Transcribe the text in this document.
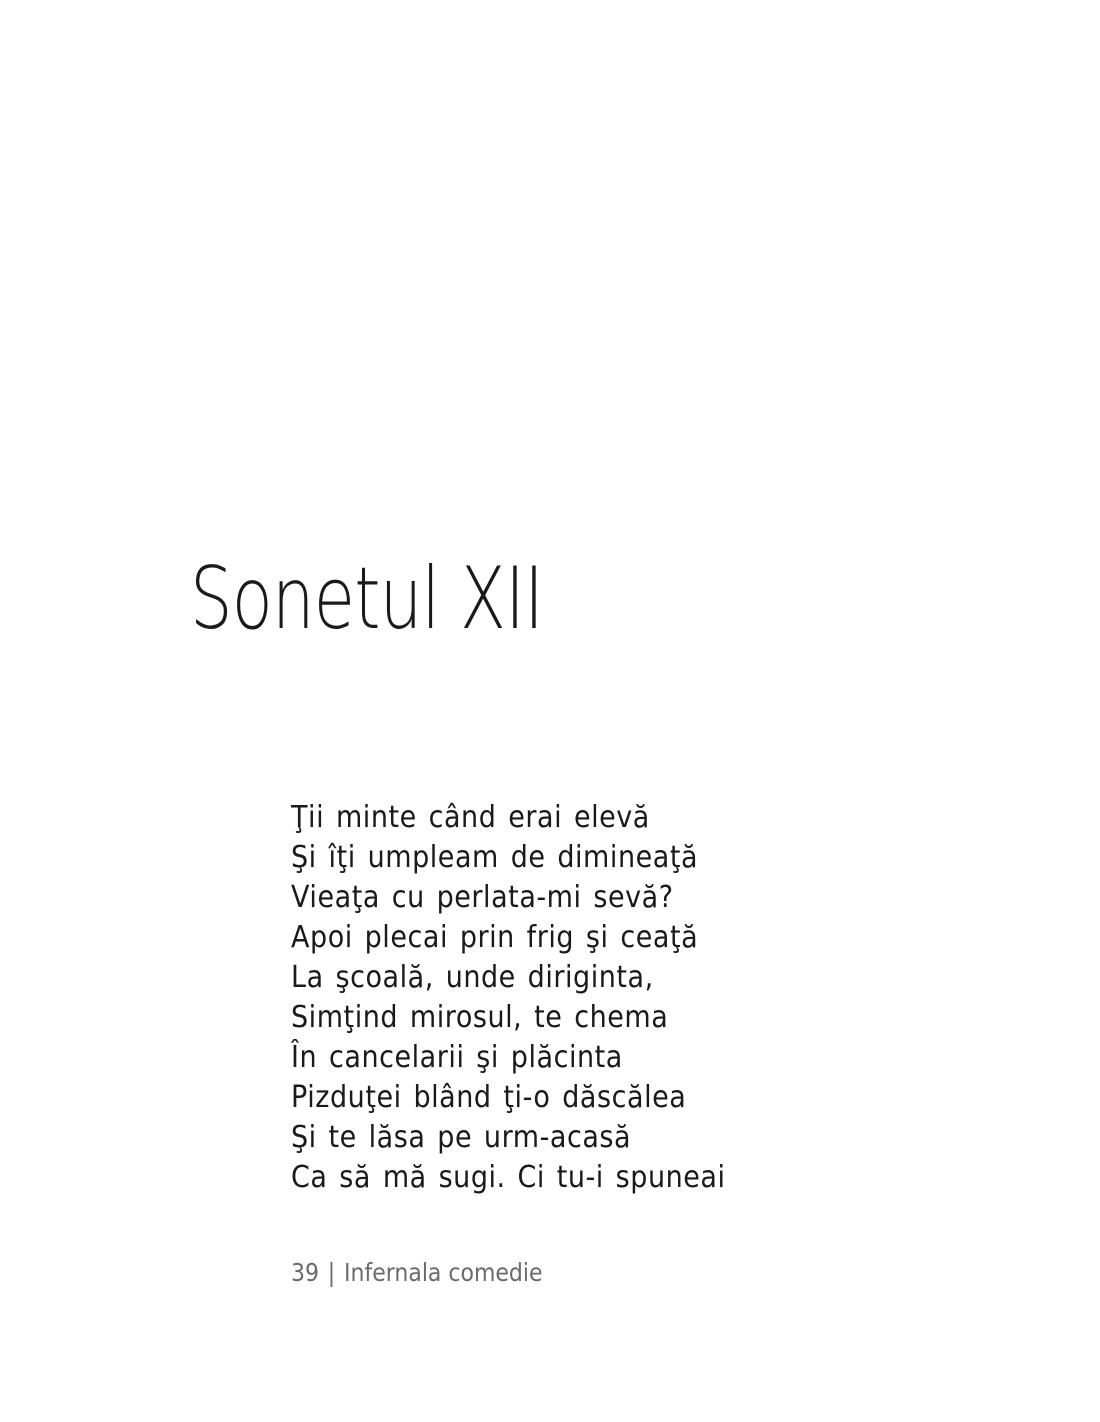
Sonetul XII
Ţii minte când erai elevă
Şi îţi umpleam de dimineaţă
Vieaţa cu perlata-mi sevă?
Apoi plecai prin frig şi ceaţă
La şcoală, unde diriginta,
Simţind mirosul, te chema
În cancelarii şi plăcinta
Pizduţei blând ţi-o dăscălea
Şi te lăsa pe urm-acasă
Ca să mă sugi. Ci tu-i spuneai
39 | Infernala comedie
